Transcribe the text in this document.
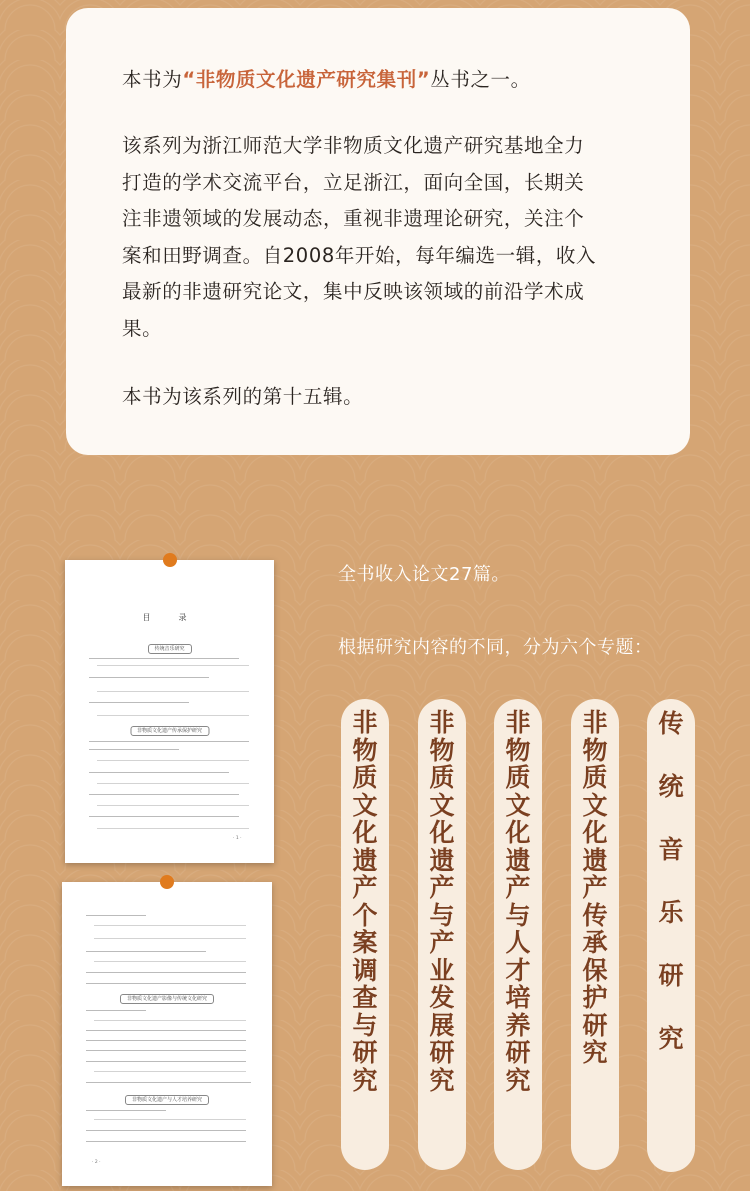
本书为“非物质文化遗产研究集刊”丛书之一。

该系列为浙江师范大学非物质文化遗产研究基地全力
打造的学术交流平台，立足浙江，面向全国，长期关
注非遗领域的发展动态，重视非遗理论研究，关注个
案和田野调查。自2008年开始，每年编选一辑，收入
最新的非遗研究论文，集中反映该领域的前沿学术成
果。

本书为该系列的第十五辑。

目　录
传统音乐研究
非物质文化遗产传承保护研究
· 1 ·
非物质文化遗产影像与传统文化研究
非物质文化遗产与人才培养研究
· 2 ·

全书收入论文27篇。

根据研究内容的不同，分为六个专题：

非
物
质
文
化
遗
产
个
案
调
查
与
研
究
非
物
质
文
化
遗
产
与
产
业
发
展
研
究
非
物
质
文
化
遗
产
与
人
才
培
养
研
究
非
物
质
文
化
遗
产
传
承
保
护
研
究
传
统
音
乐
研
究
